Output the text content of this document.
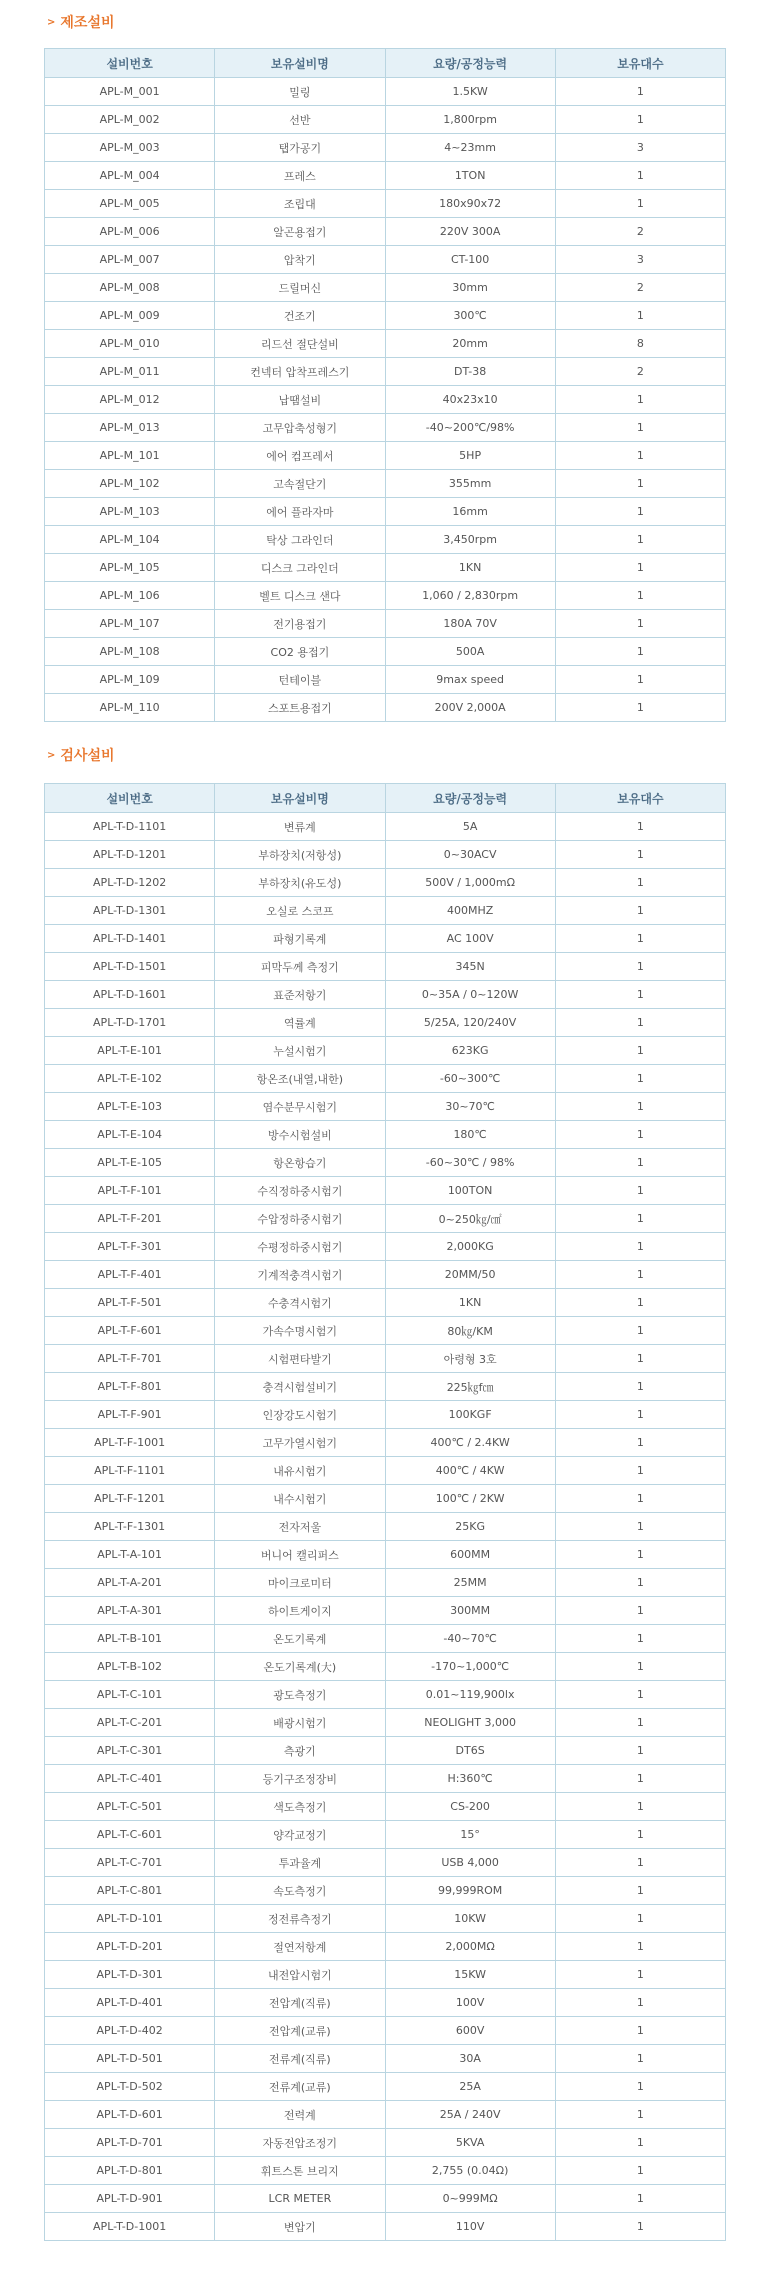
> 제조설비
설비번호	보유설비명	요량/공정능력	보유대수
APL-M_001	밀링	1.5KW	1
APL-M_002	선반	1,800rpm	1
APL-M_003	탭가공기	4~23mm	3
APL-M_004	프레스	1TON	1
APL-M_005	조립대	180x90x72	1
APL-M_006	알곤용접기	220V 300A	2
APL-M_007	압착기	CT-100	3
APL-M_008	드릴머신	30mm	2
APL-M_009	건조기	300℃	1
APL-M_010	리드선 절단설비	20mm	8
APL-M_011	컨넥터 압착프레스기	DT-38	2
APL-M_012	납땜설비	40x23x10	1
APL-M_013	고무압축성형기	-40~200℃/98%	1
APL-M_101	에어 컴프레서	5HP	1
APL-M_102	고속절단기	355mm	1
APL-M_103	에어 플라자마	16mm	1
APL-M_104	탁상 그라인더	3,450rpm	1
APL-M_105	디스크 그라인더	1KN	1
APL-M_106	벨트 디스크 샌다	1,060 / 2,830rpm	1
APL-M_107	전기용접기	180A 70V	1
APL-M_108	CO2 용접기	500A	1
APL-M_109	턴테이블	9max speed	1
APL-M_110	스포트용접기	200V 2,000A	1
> 검사설비
설비번호	보유설비명	요량/공정능력	보유대수
APL-T-D-1101	변류계	5A	1
APL-T-D-1201	부하장치(저항성)	0~30ACV	1
APL-T-D-1202	부하장치(유도성)	500V / 1,000mΩ	1
APL-T-D-1301	오실로 스코프	400MHZ	1
APL-T-D-1401	파형기록계	AC 100V	1
APL-T-D-1501	피막두께 측정기	345N	1
APL-T-D-1601	표준저항기	0~35A / 0~120W	1
APL-T-D-1701	역률계	5/25A, 120/240V	1
APL-T-E-101	누설시험기	623KG	1
APL-T-E-102	항온조(내열,내한)	-60~300℃	1
APL-T-E-103	염수분무시험기	30~70℃	1
APL-T-E-104	방수시험설비	180℃	1
APL-T-E-105	항온항습기	-60~30℃ / 98%	1
APL-T-F-101	수직정하중시험기	100TON	1
APL-T-F-201	수압정하중시험기	0~250㎏/㎠	1
APL-T-F-301	수평정하중시험기	2,000KG	1
APL-T-F-401	기계적충격시험기	20MM/50	1
APL-T-F-501	수충격시험기	1KN	1
APL-T-F-601	가속수명시험기	80㎏/KM	1
APL-T-F-701	시험편타발기	아령형 3호	1
APL-T-F-801	충격시험설비기	225㎏f㎝	1
APL-T-F-901	인장강도시험기	100KGF	1
APL-T-F-1001	고무가열시험기	400℃ / 2.4KW	1
APL-T-F-1101	내유시험기	400℃ / 4KW	1
APL-T-F-1201	내수시험기	100℃ / 2KW	1
APL-T-F-1301	전자저울	25KG	1
APL-T-A-101	버니어 캘리퍼스	600MM	1
APL-T-A-201	마이크로미터	25MM	1
APL-T-A-301	하이트게이지	300MM	1
APL-T-B-101	온도기록계	-40~70℃	1
APL-T-B-102	온도기록계(大)	-170~1,000℃	1
APL-T-C-101	광도측정기	0.01~119,900lx	1
APL-T-C-201	배광시험기	NEOLIGHT 3,000	1
APL-T-C-301	측광기	DT6S	1
APL-T-C-401	등기구조정장비	H:360℃	1
APL-T-C-501	색도측정기	CS-200	1
APL-T-C-601	양각교정기	15°	1
APL-T-C-701	투과율계	USB 4,000	1
APL-T-C-801	속도측정기	99,999ROM	1
APL-T-D-101	정전류측정기	10KW	1
APL-T-D-201	절연저항계	2,000MΩ	1
APL-T-D-301	내전압시험기	15KW	1
APL-T-D-401	전압계(직류)	100V	1
APL-T-D-402	전압계(교류)	600V	1
APL-T-D-501	전류계(직류)	30A	1
APL-T-D-502	전류계(교류)	25A	1
APL-T-D-601	전력계	25A / 240V	1
APL-T-D-701	자동전압조정기	5KVA	1
APL-T-D-801	휘트스톤 브리지	2,755 (0.04Ω)	1
APL-T-D-901	LCR METER	0~999MΩ	1
APL-T-D-1001	변압기	110V	1
